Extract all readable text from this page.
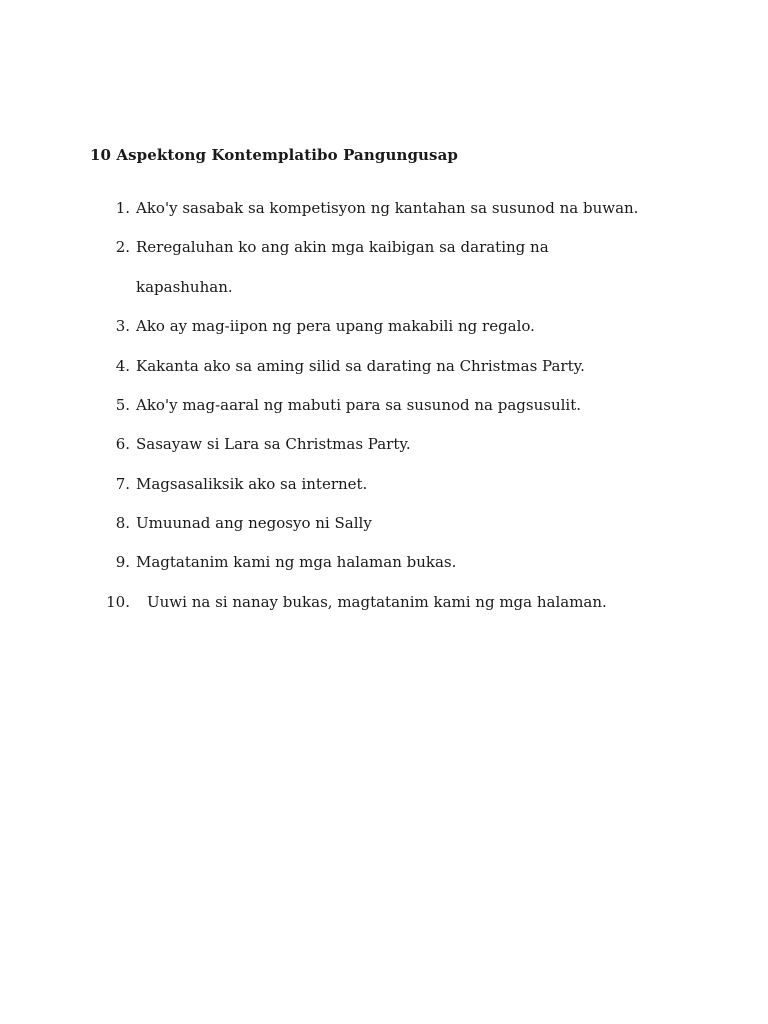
10 Aspektong Kontemplatibo Pangungusap
1. Ako'y sasabak sa kompetisyon ng kantahan sa susunod na buwan.
2. Reregaluhan ko ang akin mga kaibigan sa darating na
kapashuhan.
3. Ako ay mag-iipon ng pera upang makabili ng regalo.
4. Kakanta ako sa aming silid sa darating na Christmas Party.
5. Ako'y mag-aaral ng mabuti para sa susunod na pagsusulit.
6. Sasayaw si Lara sa Christmas Party.
7. Magsasaliksik ako sa internet.
8. Umuunad ang negosyo ni Sally
9. Magtatanim kami ng mga halaman bukas.
10. Uuwi na si nanay bukas, magtatanim kami ng mga halaman.
